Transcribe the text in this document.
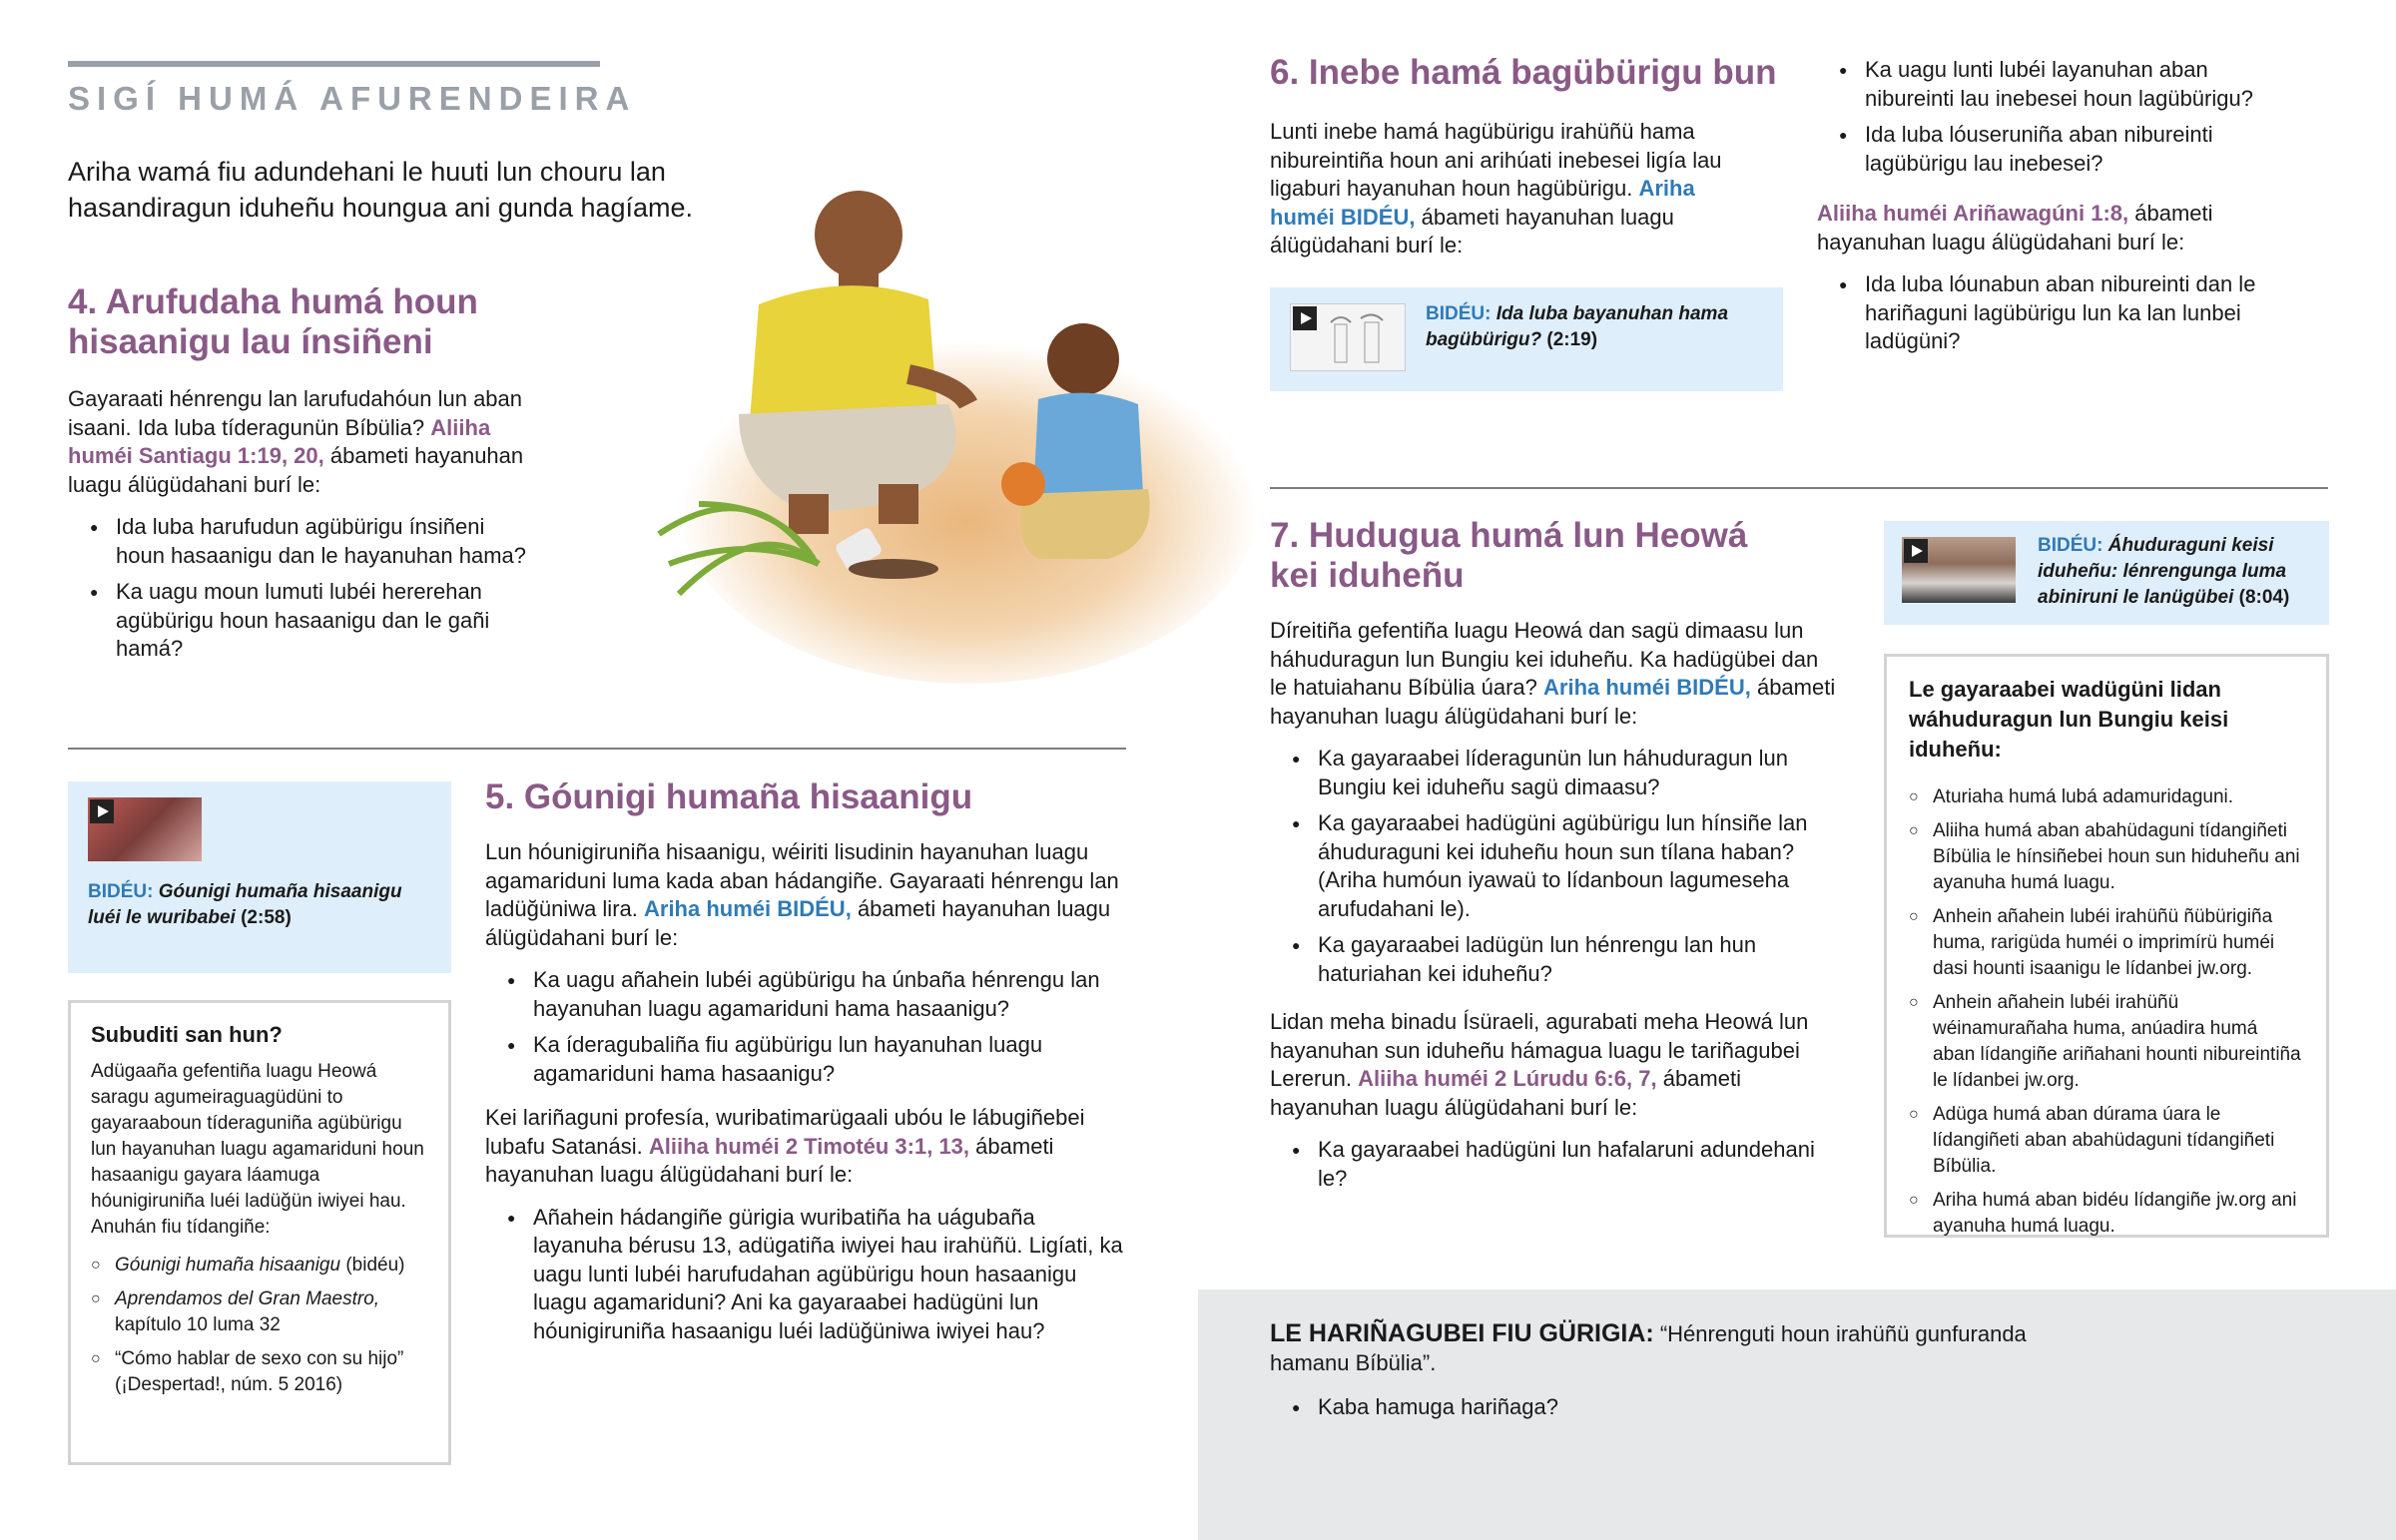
SIGÍ HUMÁ AFURENDEIRA

Ariha wamá fiu adundehani le huuti lun chouru lan hasandiragun iduheñu houngua ani gunda hagíame.

4. Arufudaha humá houn hisaanigu lau ínsiñeni

Gayaraati hénrengu lan larufudahóun lun aban isaani. Ida luba tíderagunün Bíbülia? Aliiha huméi Santiagu 1:19, 20, ábameti hayanuhan luagu álügüdahani burí le:

● Ida luba harufudun agübürigu ínsiñeni houn hasaanigu dan le hayanuhan hama?
● Ka uagu moun lumuti lubéi hererehan agübürigu houn hasaanigu dan le gañi hamá?
BIDÉU: Góunigi humaña hisaanigu luéi le wuribabei (2:58)
Subuditi san hun?

Adügaaña gefentiña luagu Heowá saragu agumeiraguagüdüni to gayaraaboun tíderaguniña agübürigu lun hayanuhan luagu agamariduni houn hasaanigu gayara láamuga hóunigiruniña luéi ladüğün iwiyei hau. Anuhán fiu tídangiñe:

○ Góunigi humaña hisaanigu (bidéu)
○ Aprendamos del Gran Maestro, kapítulo 10 luma 32
○ “Cómo hablar de sexo con su hijo” (¡Despertad!, núm. 5 2016)
5. Góunigi humaña hisaanigu

Lun hóunigiruniña hisaanigu, wéiriti lisudinin hayanuhan luagu agamariduni luma kada aban hádangiñe. Gayaraati hénrengu lan ladüğüniwa lira. Ariha huméi BIDÉU, ábameti hayanuhan luagu álügüdahani burí le:

● Ka uagu añahein lubéi agübürigu ha únbaña hénrengu lan hayanuhan luagu agamariduni hama hasaanigu?
● Ka íderagubaliña fiu agübürigu lun hayanuhan luagu agamariduni hama hasaanigu?

Kei lariñaguni profesía, wuribatimarügaali ubóu le lábugiñebei lubafu Satanási. Aliiha huméi 2 Timotéu 3:1, 13, ábameti hayanuhan luagu álügüdahani burí le:

● Añahein hádangiñe gürigia wuribatiña ha uágubaña layanuha bérusu 13, adügatiña iwiyei hau irahüñü. Ligíati, ka uagu lunti lubéi harufudahan agübürigu houn hasaanigu luagu agamariduni? Ani ka gayaraabei hadügüni lun hóunigiruniña hasaanigu luéi ladüğüniwa iwiyei hau?
6. Inebe hamá bagübürigu bun

Lunti inebe hamá hagübürigu irahüñü hama nibureintiña houn ani arihúati inebesei ligía lau ligaburi hayanuhan houn hagübürigu. Ariha huméi BIDÉU, ábameti hayanuhan luagu álügüdahani burí le:

BIDÉU: Ida luba bayanuhan hama bagübürigu? (2:19)
● Ka uagu lunti lubéi layanuhan aban nibureinti lau inebesei houn lagübürigu?
● Ida luba lóuseruniña aban nibureinti lagübürigu lau inebesei?

Aliiha huméi Ariñawagúni 1:8, ábameti hayanuhan luagu álügüdahani burí le:

● Ida luba lóunabun aban nibureinti dan le hariñaguni lagübürigu lun ka lan lunbei ladügüni?
7. Hudugua humá lun Heowá kei iduheñu

Díreitiña gefentiña luagu Heowá dan sagü dimaasu lun háhuduragun lun Bungiu kei iduheñu. Ka hadügübei dan le hatuiahanu Bíbülia úara? Ariha huméi BIDÉU, ábameti hayanuhan luagu álügüdahani burí le:

● Ka gayaraabei líderagunün lun háhuduragun lun Bungiu kei iduheñu sagü dimaasu?
● Ka gayaraabei hadügüni agübürigu lun hínsiñe lan áhuduraguni kei iduheñu houn sun tílana haban? (Ariha humóun iyawaü to lídanboun lagumeseha arufudahani le).
● Ka gayaraabei ladügün lun hénrengu lan hun haturiahan kei iduheñu?

Lidan meha binadu Ísüraeli, agurabati meha Heowá lun hayanuhan sun iduheñu hámagua luagu le tariñagubei Lererun. Aliiha huméi 2 Lúrudu 6:6, 7, ábameti hayanuhan luagu álügüdahani burí le:

● Ka gayaraabei hadügüni lun hafalaruni adundehani le?
BIDÉU: Áhuduraguni keisi iduheñu: lénrengunga luma abiniruni le lanügübei (8:04)
Le gayaraabei wadügüni lidan wáhuduragun lun Bungiu keisi iduheñu:
○ Aturiaha humá lubá adamuridaguni.
○ Aliiha humá aban abahüdaguni tídangiñeti Bíbülia le hínsiñebei houn sun hiduheñu ani ayanuha humá luagu.
○ Anhein añahein lubéi irahüñü ñübürigiña huma, rarigüda huméi o imprimírü huméi dasi hounti isaanigu le lídanbei jw.org.
○ Anhein añahein lubéi irahüñü wéinamurañaha huma, anúadira humá aban lídangiñe ariñahani hounti nibureintiña le lídanbei jw.org.
○ Adüga humá aban dúrama úara le lídangiñeti aban abahüdaguni tídangiñeti Bíbülia.
○ Ariha humá aban bidéu lídangiñe jw.org ani ayanuha humá luagu.

LE HARIÑAGUBEI FIU GÜRIGIA: “Hénrenguti houn irahüñü gunfuranda hamanu Bíbülia”.

● Kaba hamuga hariñaga?
